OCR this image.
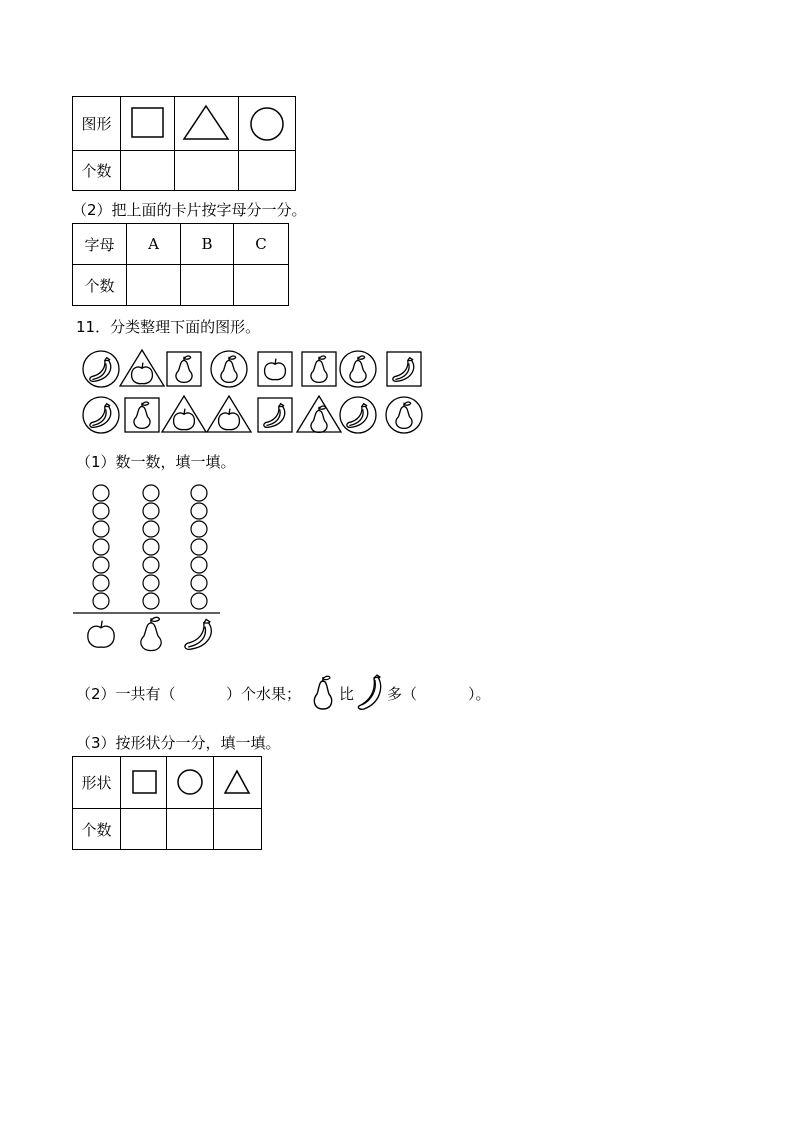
图形	

个数			
（2）把上面的卡片按字母分一分。
字母	A	B	C
个数			
11．分类整理下面的图形。
（1）数一数，填一填。
（2）一共有（	）个水果；	比 多（	）。
（3）按形状分一分，填一填。
形状	

个数			
